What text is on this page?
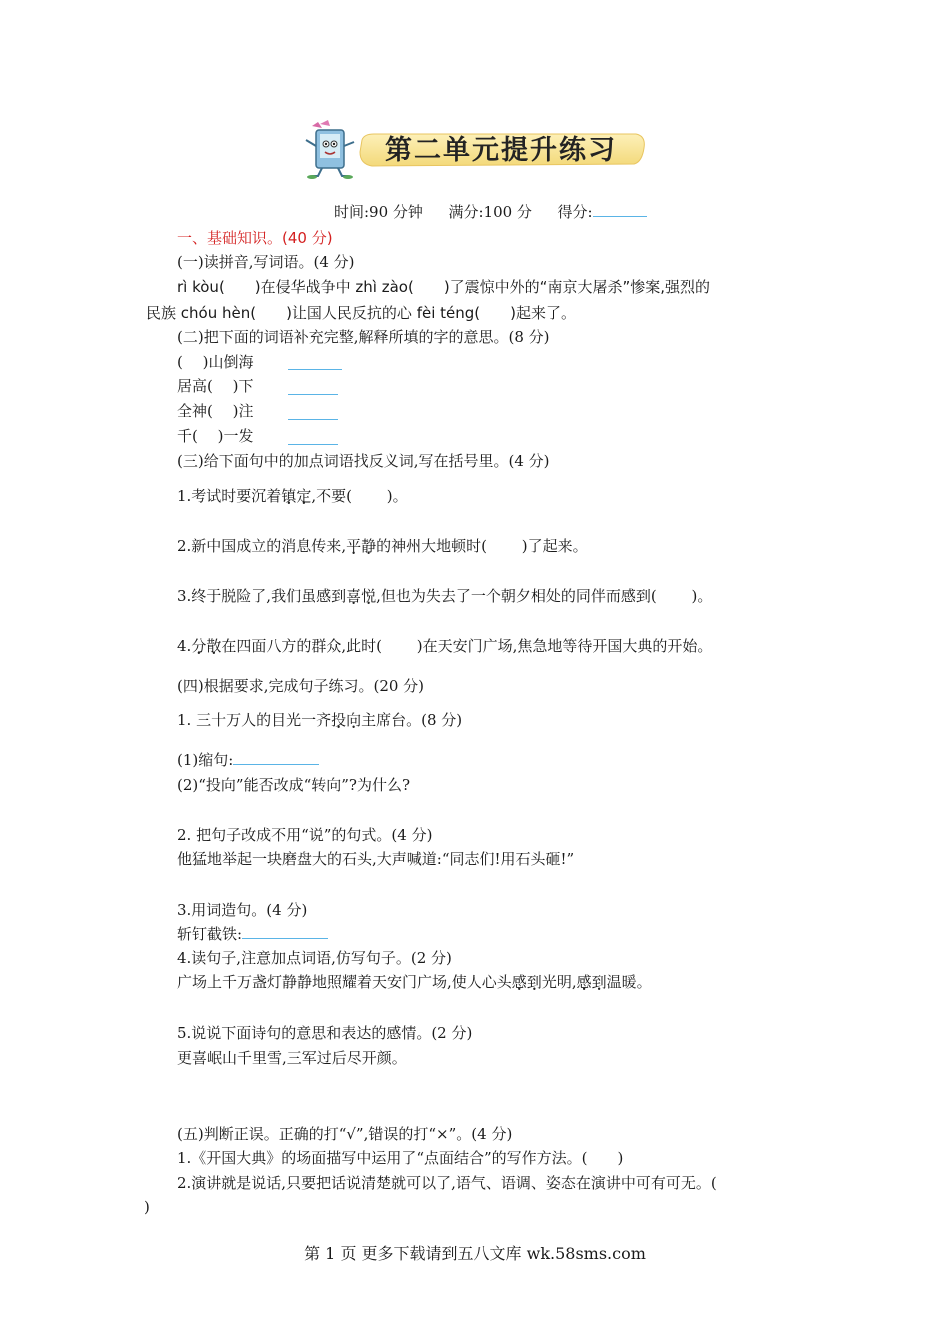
第二单元提升练习
时间:90 分钟 满分:100 分 得分:
一、基础知识。(40 分)
(一)读拼音,写词语。(4 分)
rì kòu(　　)在侵华战争中 zhì zào(　　)了震惊中外的“南京大屠杀”惨案,强烈的
民族 chóu hèn(　　)让国人民反抗的心 fèi téng(　　)起来了。
(二)把下面的词语补充完整,解释所填的字的意思。(8 分)
(　 )山倒海
居高(　 )下
全神(　 )注
千(　 )一发
(三)给下面句中的加点词语找反义词,写在括号里。(4 分)
1.考试时要沉着镇定,不要(　　 )。
2.新中国成立的消息传来,平静的神州大地顿时(　　 )了起来。
3.终于脱险了,我们虽感到喜悦,但也为失去了一个朝夕相处的同伴而感到(　　 )。
4.分散在四面八方的群众,此时(　　 )在天安门广场,焦急地等待开国大典的开始。
(四)根据要求,完成句子练习。(20 分)
1. 三十万人的目光一齐投向主席台。(8 分)
(1)缩句:
(2)“投向”能否改成“转向”?为什么?
2. 把句子改成不用“说”的句式。(4 分)
他猛地举起一块磨盘大的石头,大声喊道:“同志们!用石头砸!”
3.用词造句。(4 分)
斩钉截铁:
4.读句子,注意加点词语,仿写句子。(2 分)
广场上千万盏灯静静地照耀着天安门广场,使人心头感到光明,感到温暖。
5.说说下面诗句的意思和表达的感情。(2 分)
更喜岷山千里雪,三军过后尽开颜。
(五)判断正误。正确的打“√”,错误的打“×”。(4 分)
1.《开国大典》的场面描写中运用了“点面结合”的写作方法。(　　)
2.演讲就是说话,只要把话说清楚就可以了,语气、语调、姿态在演讲中可有可无。(
)
第 1 页 更多下载请到五八文库 wk.58sms.com
